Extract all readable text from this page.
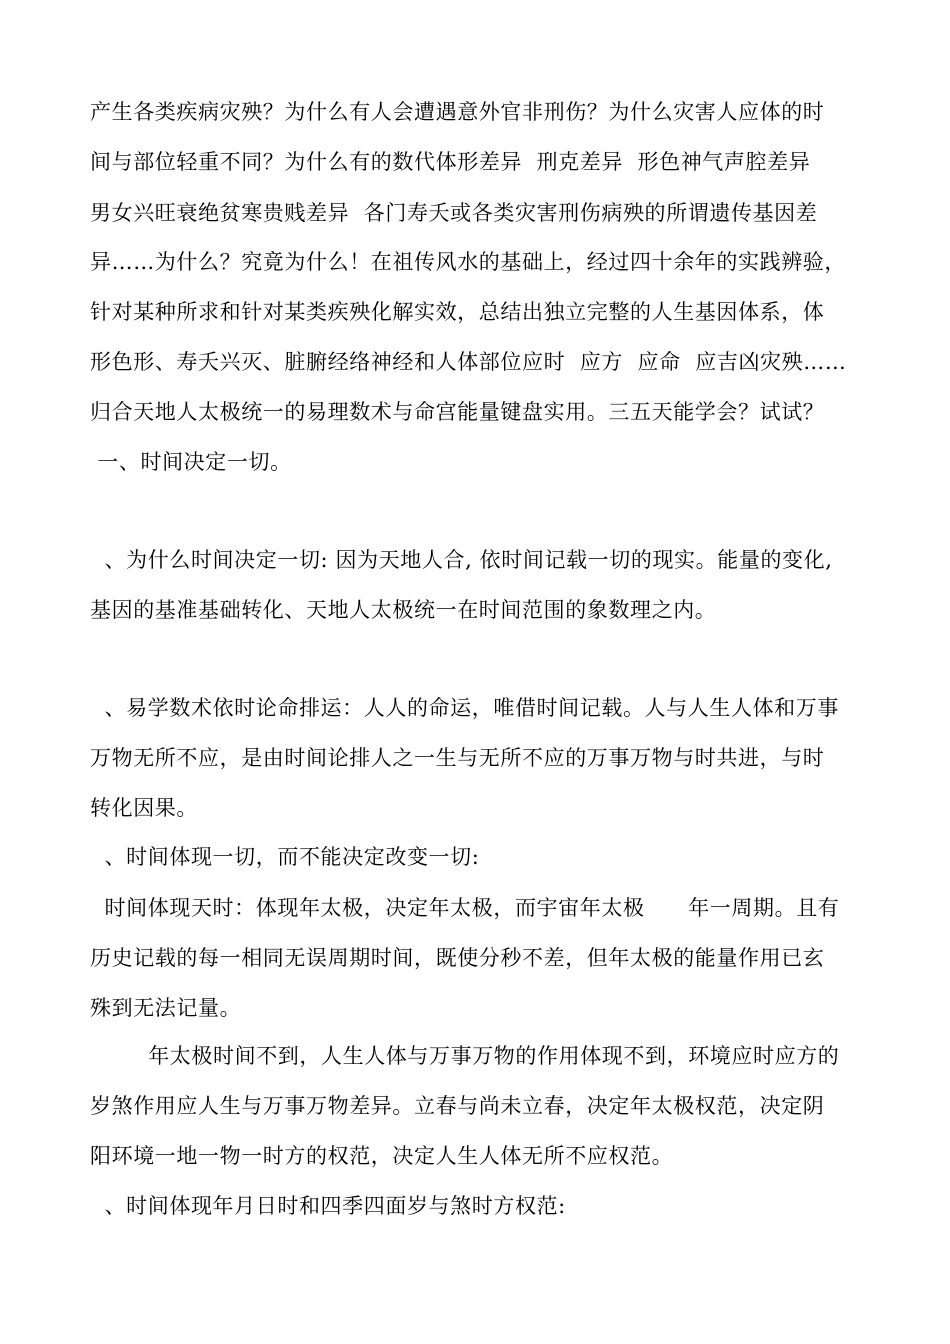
产生各类疾病灾殃？为什么有人会遭遇意外官非刑伤？为什么灾害人应体的时
间与部位轻重不同？为什么有的数代体形差异  刑克差异  形色神气声腔差异
男女兴旺衰绝贫寒贵贱差异  各门寿夭或各类灾害刑伤病殃的所谓遗传基因差
异……为什么？究竟为什么！在祖传风水的基础上，经过四十余年的实践辨验，
针对某种所求和针对某类疾殃化解实效，总结出独立完整的人生基因体系，体
形色形、寿夭兴灭、脏腑经络神经和人体部位应时  应方  应命  应吉凶灾殃……
归合天地人太极统一的易理数术与命宫能量键盘实用。三五天能学会？试试？
一、时间决定一切。
、为什么时间决定一切: 因为天地人合, 依时间记载一切的现实。能量的变化,
基因的基准基础转化、天地人太极统一在时间范围的象数理之内。
、易学数术依时论命排运：人人的命运，唯借时间记载。人与人生人体和万事
万物无所不应，是由时间论排人之一生与无所不应的万事万物与时共进，与时
转化因果。
、时间体现一切，而不能决定改变一切:
时间体现天时：体现年太极，决定年太极，而宇宙年太极      年一周期。且有
历史记载的每一相同无误周期时间，既使分秒不差，但年太极的能量作用已玄
殊到无法记量。
年太极时间不到，人生人体与万事万物的作用体现不到，环境应时应方的
岁煞作用应人生与万事万物差异。立春与尚未立春，决定年太极权范，决定阴
阳环境一地一物一时方的权范，决定人生人体无所不应权范。
、时间体现年月日时和四季四面岁与煞时方权范:
